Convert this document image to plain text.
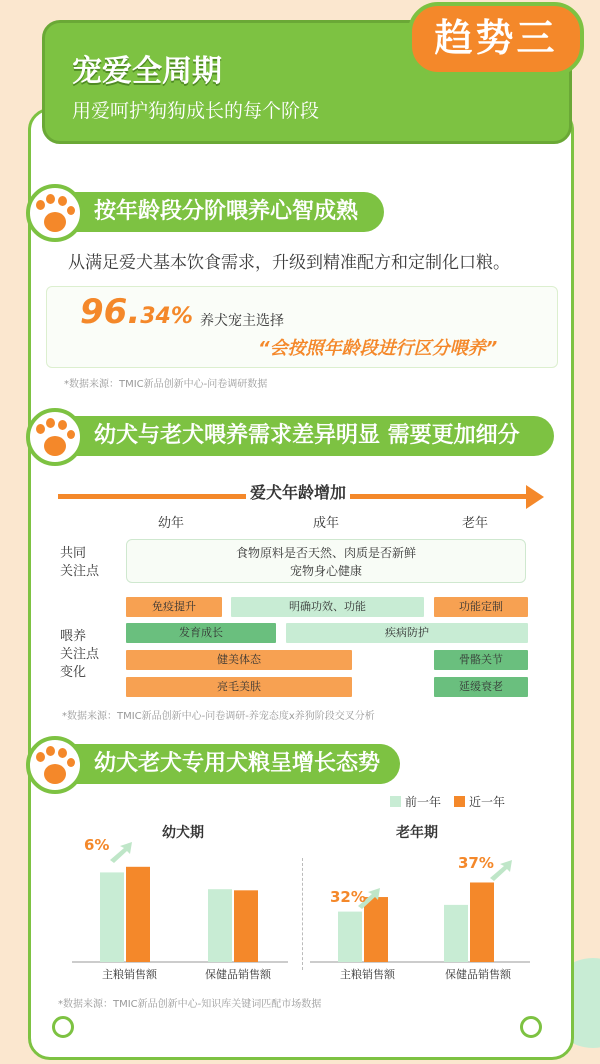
趋势三
宠爱全周期
用爱呵护狗狗成长的每个阶段
按年龄段分阶喂养心智成熟
从满足爱犬基本饮食需求，升级到精准配方和定制化口粮。
96.34% 养犬宠主选择
“会按照年龄段进行区分喂养”
*数据来源：TMIC新品创新中心-问卷调研数据
幼犬与老犬喂养需求差异明显 需要更加细分
爱犬年龄增加
幼年	成年	老年
共同
关注点
食物原料是否天然、肉质是否新鲜
宠物身心健康
喂养
关注点
变化
免疫提升	明确功效、功能	功能定制
发育成长	疾病防护
健美体态	骨骼关节
亮毛美肤	延缓衰老
*数据来源：TMIC新品创新中心-问卷调研-养宠态度x养狗阶段交叉分析
幼犬老犬专用犬粮呈增长态势
前一年 近一年
幼犬期	老年期
主粮销售额	保健品销售额	主粮销售额	保健品销售额
6%
32%
37%
*数据来源：TMIC新品创新中心-知识库关键词匹配市场数据
